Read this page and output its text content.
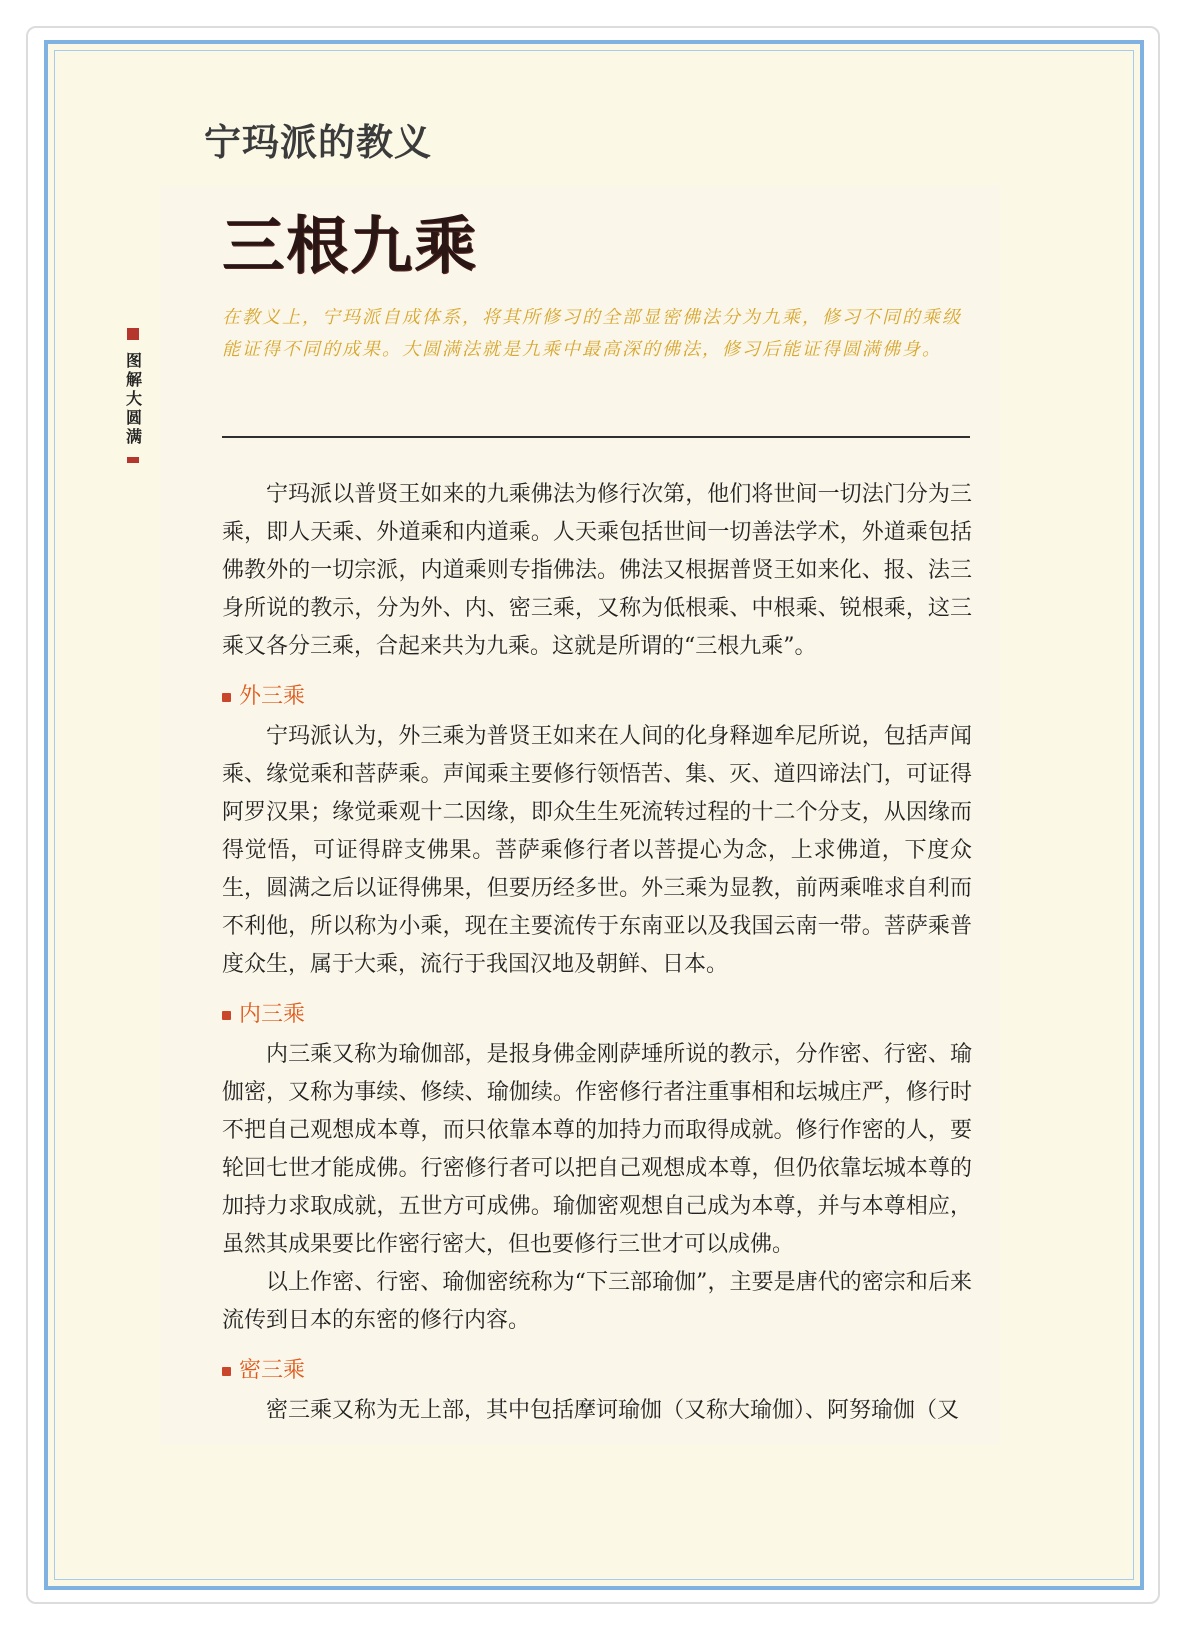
宁玛派的教义
三根九乘

在教义上，宁玛派自成体系，将其所修习的全部显密佛法分为九乘，修习不同的乘级能证得不同的成果。大圆满法就是九乘中最高深的佛法，修习后能证得圆满佛身。

图解大圆满

宁玛派以普贤王如来的九乘佛法为修行次第，他们将世间一切法门分为三乘，即人天乘、外道乘和内道乘。人天乘包括世间一切善法学术，外道乘包括佛教外的一切宗派，内道乘则专指佛法。佛法又根据普贤王如来化、报、法三身所说的教示，分为外、内、密三乘，又称为低根乘、中根乘、锐根乘，这三乘又各分三乘，合起来共为九乘。这就是所谓的“三根九乘”。

外三乘

宁玛派认为，外三乘为普贤王如来在人间的化身释迦牟尼所说，包括声闻乘、缘觉乘和菩萨乘。声闻乘主要修行领悟苦、集、灭、道四谛法门，可证得阿罗汉果；缘觉乘观十二因缘，即众生生死流转过程的十二个分支，从因缘而得觉悟，可证得辟支佛果。菩萨乘修行者以菩提心为念，上求佛道，下度众生，圆满之后以证得佛果，但要历经多世。外三乘为显教，前两乘唯求自利而不利他，所以称为小乘，现在主要流传于东南亚以及我国云南一带。菩萨乘普度众生，属于大乘，流行于我国汉地及朝鲜、日本。

内三乘

内三乘又称为瑜伽部，是报身佛金刚萨埵所说的教示，分作密、行密、瑜伽密，又称为事续、修续、瑜伽续。作密修行者注重事相和坛城庄严，修行时不把自己观想成本尊，而只依靠本尊的加持力而取得成就。修行作密的人，要轮回七世才能成佛。行密修行者可以把自己观想成本尊，但仍依靠坛城本尊的加持力求取成就，五世方可成佛。瑜伽密观想自己成为本尊，并与本尊相应，虽然其成果要比作密行密大，但也要修行三世才可以成佛。

以上作密、行密、瑜伽密统称为“下三部瑜伽”，主要是唐代的密宗和后来流传到日本的东密的修行内容。

密三乘

密三乘又称为无上部，其中包括摩诃瑜伽（又称大瑜伽）、阿努瑜伽（又
